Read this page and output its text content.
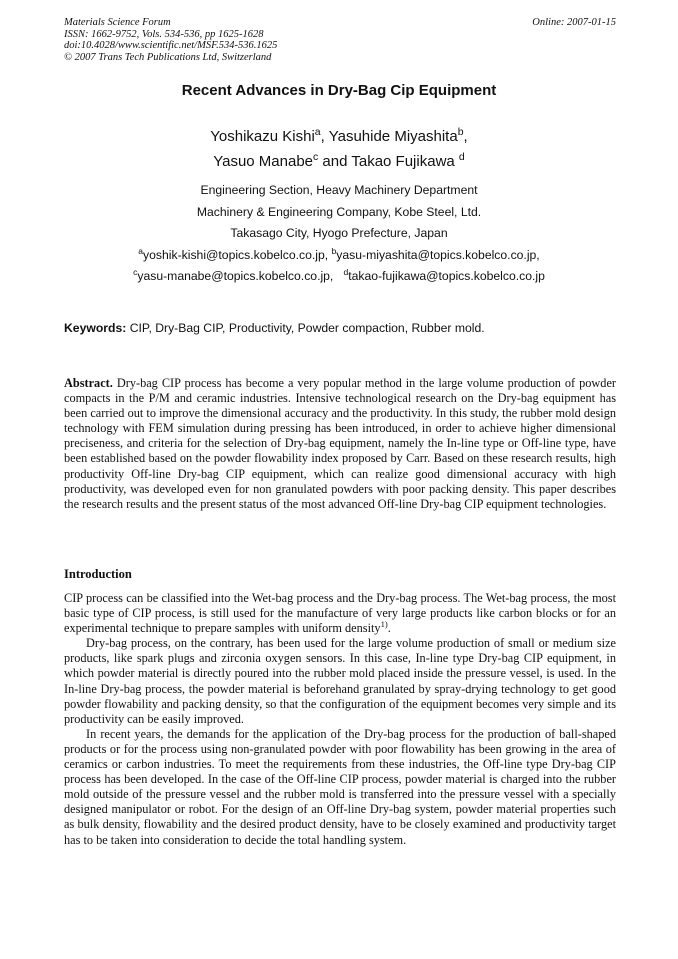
Materials Science Forum
ISSN: 1662-9752, Vols. 534-536, pp 1625-1628
doi:10.4028/www.scientific.net/MSF.534-536.1625
© 2007 Trans Tech Publications Ltd, Switzerland
Online: 2007-01-15
Recent Advances in Dry-Bag Cip Equipment
Yoshikazu Kishi$^a$, Yasuhide Miyashita$^b$,
Yasuo Manabe$^c$ and Takao Fujikawa $^d$
Engineering Section, Heavy Machinery Department
Machinery & Engineering Company, Kobe Steel, Ltd.
Takasago City, Hyogo Prefecture, Japan
$^a$yoshik-kishi@topics.kobelco.co.jp, $^b$yasu-miyashita@topics.kobelco.co.jp,
$^c$yasu-manabe@topics.kobelco.co.jp, $^d$takao-fujikawa@topics.kobelco.co.jp
Keywords: CIP, Dry-Bag CIP, Productivity, Powder compaction, Rubber mold.
Abstract. Dry-bag CIP process has become a very popular method in the large volume production of powder compacts in the P/M and ceramic industries. Intensive technological research on the Dry-bag equipment has been carried out to improve the dimensional accuracy and the productivity. In this study, the rubber mold design technology with FEM simulation during pressing has been introduced, in order to achieve higher dimensional preciseness, and criteria for the selection of Dry-bag equipment, namely the In-line type or Off-line type, have been established based on the powder flowability index proposed by Carr. Based on these research results, high productivity Off-line Dry-bag CIP equipment, which can realize good dimensional accuracy with high productivity, was developed even for non granulated powders with poor packing density. This paper describes the research results and the present status of the most advanced Off-line Dry-bag CIP equipment technologies.
Introduction

CIP process can be classified into the Wet-bag process and the Dry-bag process. The Wet-bag process, the most basic type of CIP process, is still used for the manufacture of very large products like carbon blocks or for an experimental technique to prepare samples with uniform density$^{1)}$.

Dry-bag process, on the contrary, has been used for the large volume production of small or medium size products, like spark plugs and zirconia oxygen sensors. In this case, In-line type Dry-bag CIP equipment, in which powder material is directly poured into the rubber mold placed inside the pressure vessel, is used. In the In-line Dry-bag process, the powder material is beforehand granulated by spray-drying technology to get good powder flowability and packing density, so that the configuration of the equipment becomes very simple and its productivity can be easily improved.

In recent years, the demands for the application of the Dry-bag process for the production of ball-shaped products or for the process using non-granulated powder with poor flowability has been growing in the area of ceramics or carbon industries. To meet the requirements from these industries, the Off-line type Dry-bag CIP process has been developed. In the case of the Off-line CIP process, powder material is charged into the rubber mold outside of the pressure vessel and the rubber mold is transferred into the pressure vessel with a specially designed manipulator or robot. For the design of an Off-line Dry-bag system, powder material properties such as bulk density, flowability and the desired product density, have to be closely examined and productivity target has to be taken into consideration to decide the total handling system.
